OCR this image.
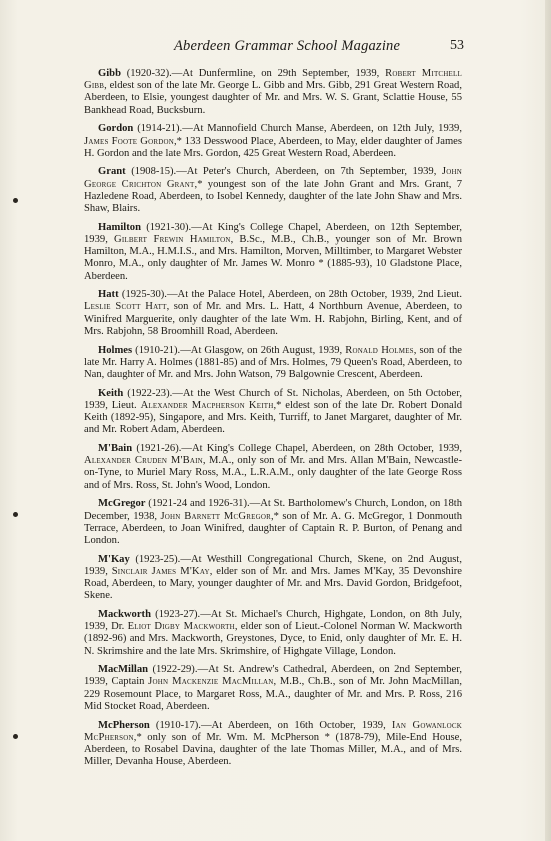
Aberdeen Grammar School Magazine	53

Gibb (1920-32).—At Dunfermline, on 29th September, 1939, Robert Mitchell Gibb, eldest son of the late Mr. George L. Gibb and Mrs. Gibb, 291 Great Western Road, Aberdeen, to Elsie, youngest daughter of Mr. and Mrs. W. S. Grant, Sclattie House, 55 Bankhead Road, Bucksburn.

Gordon (1914-21).—At Mannofield Church Manse, Aberdeen, on 12th July, 1939, James Foote Gordon,* 133 Desswood Place, Aberdeen, to May, elder daughter of James H. Gordon and the late Mrs. Gordon, 425 Great Western Road, Aberdeen.

Grant (1908-15).—At Peter's Church, Aberdeen, on 7th September, 1939, John George Crichton Grant,* youngest son of the late John Grant and Mrs. Grant, 7 Hazledene Road, Aberdeen, to Isobel Kennedy, daughter of the late John Shaw and Mrs. Shaw, Blairs.

Hamilton (1921-30).—At King's College Chapel, Aberdeen, on 12th September, 1939, Gilbert Frewin Hamilton, B.Sc., M.B., Ch.B., younger son of Mr. Brown Hamilton, M.A., H.M.I.S., and Mrs. Hamilton, Morven, Milltimber, to Margaret Webster Monro, M.A., only daughter of Mr. James W. Monro * (1885-93), 10 Gladstone Place, Aberdeen.

Hatt (1925-30).—At the Palace Hotel, Aberdeen, on 28th October, 1939, 2nd Lieut. Leslie Scott Hatt, son of Mr. and Mrs. L. Hatt, 4 Northburn Avenue, Aberdeen, to Winifred Marguerite, only daughter of the late Wm. H. Rabjohn, Birling, Kent, and of Mrs. Rabjohn, 58 Broomhill Road, Aberdeen.

Holmes (1910-21).—At Glasgow, on 26th August, 1939, Ronald Holmes, son of the late Mr. Harry A. Holmes (1881-85) and of Mrs. Holmes, 79 Queen's Road, Aberdeen, to Nan, daughter of Mr. and Mrs. John Watson, 79 Balgownie Crescent, Aberdeen.

Keith (1922-23).—At the West Church of St. Nicholas, Aberdeen, on 5th October, 1939, Lieut. Alexander Macpherson Keith,* eldest son of the late Dr. Robert Donald Keith (1892-95), Singapore, and Mrs. Keith, Turriff, to Janet Margaret, daughter of Mr. and Mr. Robert Adam, Aberdeen.

M'Bain (1921-26).—At King's College Chapel, Aberdeen, on 28th October, 1939, Alexander Cruden M'Bain, M.A., only son of Mr. and Mrs. Allan M'Bain, Newcastle-on-Tyne, to Muriel Mary Ross, M.A., L.R.A.M., only daughter of the late George Ross and of Mrs. Ross, St. John's Wood, London.

McGregor (1921-24 and 1926-31).—At St. Bartholomew's Church, London, on 18th December, 1938, John Barnett McGregor,* son of Mr. A. G. McGregor, 1 Donmouth Terrace, Aberdeen, to Joan Winifred, daughter of Captain R. P. Burton, of Penang and London.

M'Kay (1923-25).—At Westhill Congregational Church, Skene, on 2nd August, 1939, Sinclair James M'Kay, elder son of Mr. and Mrs. James M'Kay, 35 Devonshire Road, Aberdeen, to Mary, younger daughter of Mr. and Mrs. David Gordon, Bridgefoot, Skene.

Mackworth (1923-27).—At St. Michael's Church, Highgate, London, on 8th July, 1939, Dr. Eliot Digby Mackworth, elder son of Lieut.-Colonel Norman W. Mackworth (1892-96) and Mrs. Mackworth, Greystones, Dyce, to Enid, only daughter of Mr. E. H. N. Skrimshire and the late Mrs. Skrimshire, of Highgate Village, London.

MacMillan (1922-29).—At St. Andrew's Cathedral, Aberdeen, on 2nd September, 1939, Captain John Mackenzie MacMillan, M.B., Ch.B., son of Mr. John MacMillan, 229 Rosemount Place, to Margaret Ross, M.A., daughter of Mr. and Mrs. P. Ross, 216 Mid Stocket Road, Aberdeen.

McPherson (1910-17).—At Aberdeen, on 16th October, 1939, Ian Gowanlock McPherson,* only son of Mr. Wm. M. McPherson * (1878-79), Mile-End House, Aberdeen, to Rosabel Davina, daughter of the late Thomas Miller, M.A., and of Mrs. Miller, Devanha House, Aberdeen.
